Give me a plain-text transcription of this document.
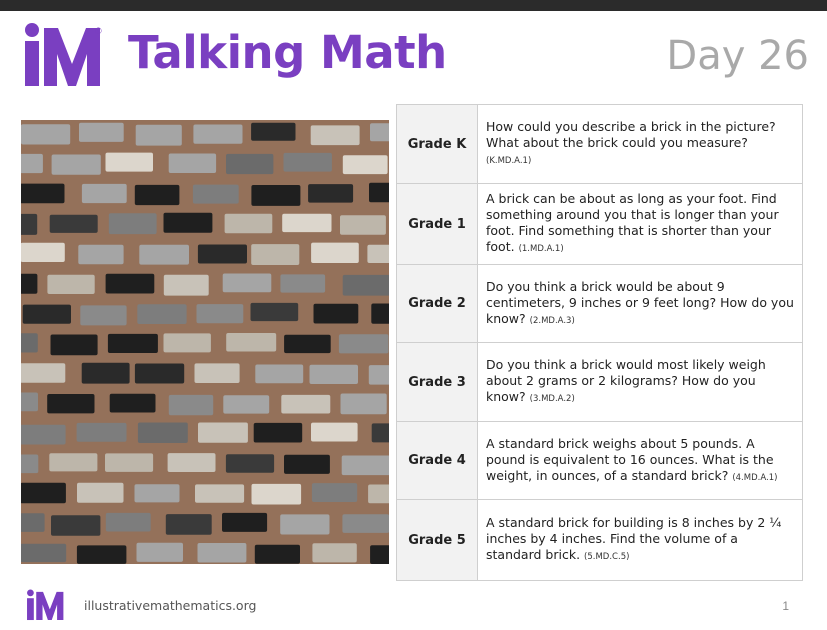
® Talking Math	Day 26
Grade K	How could you describe a brick in the picture? What about the brick could you measure?
(K.MD.A.1)
Grade 1	A brick can be about as long as your foot. Find something around you that is longer than your foot. Find something that is shorter than your foot. (1.MD.A.1)
Grade 2	Do you think a brick would be about 9 centimeters, 9 inches or 9 feet long? How do you know? (2.MD.A.3)
Grade 3	Do you think a brick would most likely weigh about 2 grams or 2 kilograms? How do you know? (3.MD.A.2)
Grade 4	A standard brick weighs about 5 pounds. A pound is equivalent to 16 ounces. What is the weight, in ounces, of a standard brick? (4.MD.A.1)
Grade 5	A standard brick for building is 8 inches by 2 ¼ inches by 4 inches. Find the volume of a standard brick. (5.MD.C.5)
illustrativemathematics.org	1
